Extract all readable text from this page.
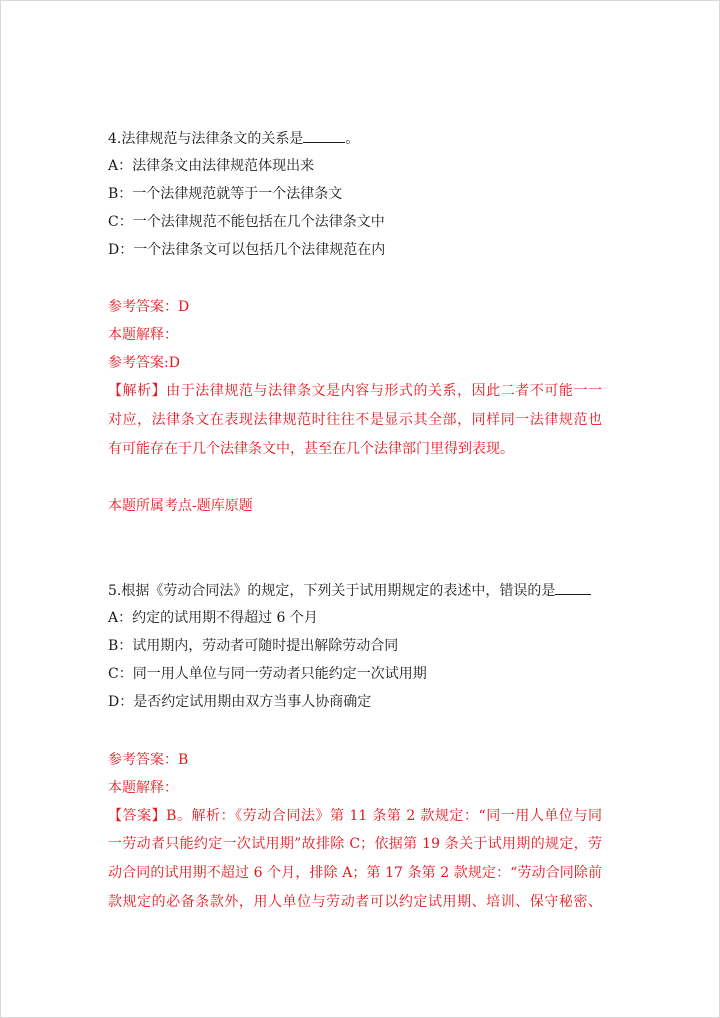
4.法律规范与法律条文的关系是	。
A：法律条文由法律规范体现出来
B：一个法律规范就等于一个法律条文
C：一个法律规范不能包括在几个法律条文中
D：一个法律条文可以包括几个法律规范在内
参考答案：D
本题解释：
参考答案:D
【解析】由于法律规范与法律条文是内容与形式的关系，因此二者不可能一一
对应，法律条文在表现法律规范时往往不是显示其全部，同样同一法律规范也
有可能存在于几个法律条文中，甚至在几个法律部门里得到表现。
本题所属考点-题库原题
5.根据《劳动合同法》的规定，下列关于试用期规定的表述中，错误的是
A：约定的试用期不得超过 6 个月
B：试用期内，劳动者可随时提出解除劳动合同
C：同一用人单位与同一劳动者只能约定一次试用期
D：是否约定试用期由双方当事人协商确定
参考答案：B
本题解释：
【答案】B。解析：《劳动合同法》第 11 条第 2 款规定：“同一用人单位与同
一劳动者只能约定一次试用期”故排除 C；依据第 19 条关于试用期的规定，劳
动合同的试用期不超过 6 个月，排除 A；第 17 条第 2 款规定：“劳动合同除前
款规定的必备条款外，用人单位与劳动者可以约定试用期、培训、保守秘密、
